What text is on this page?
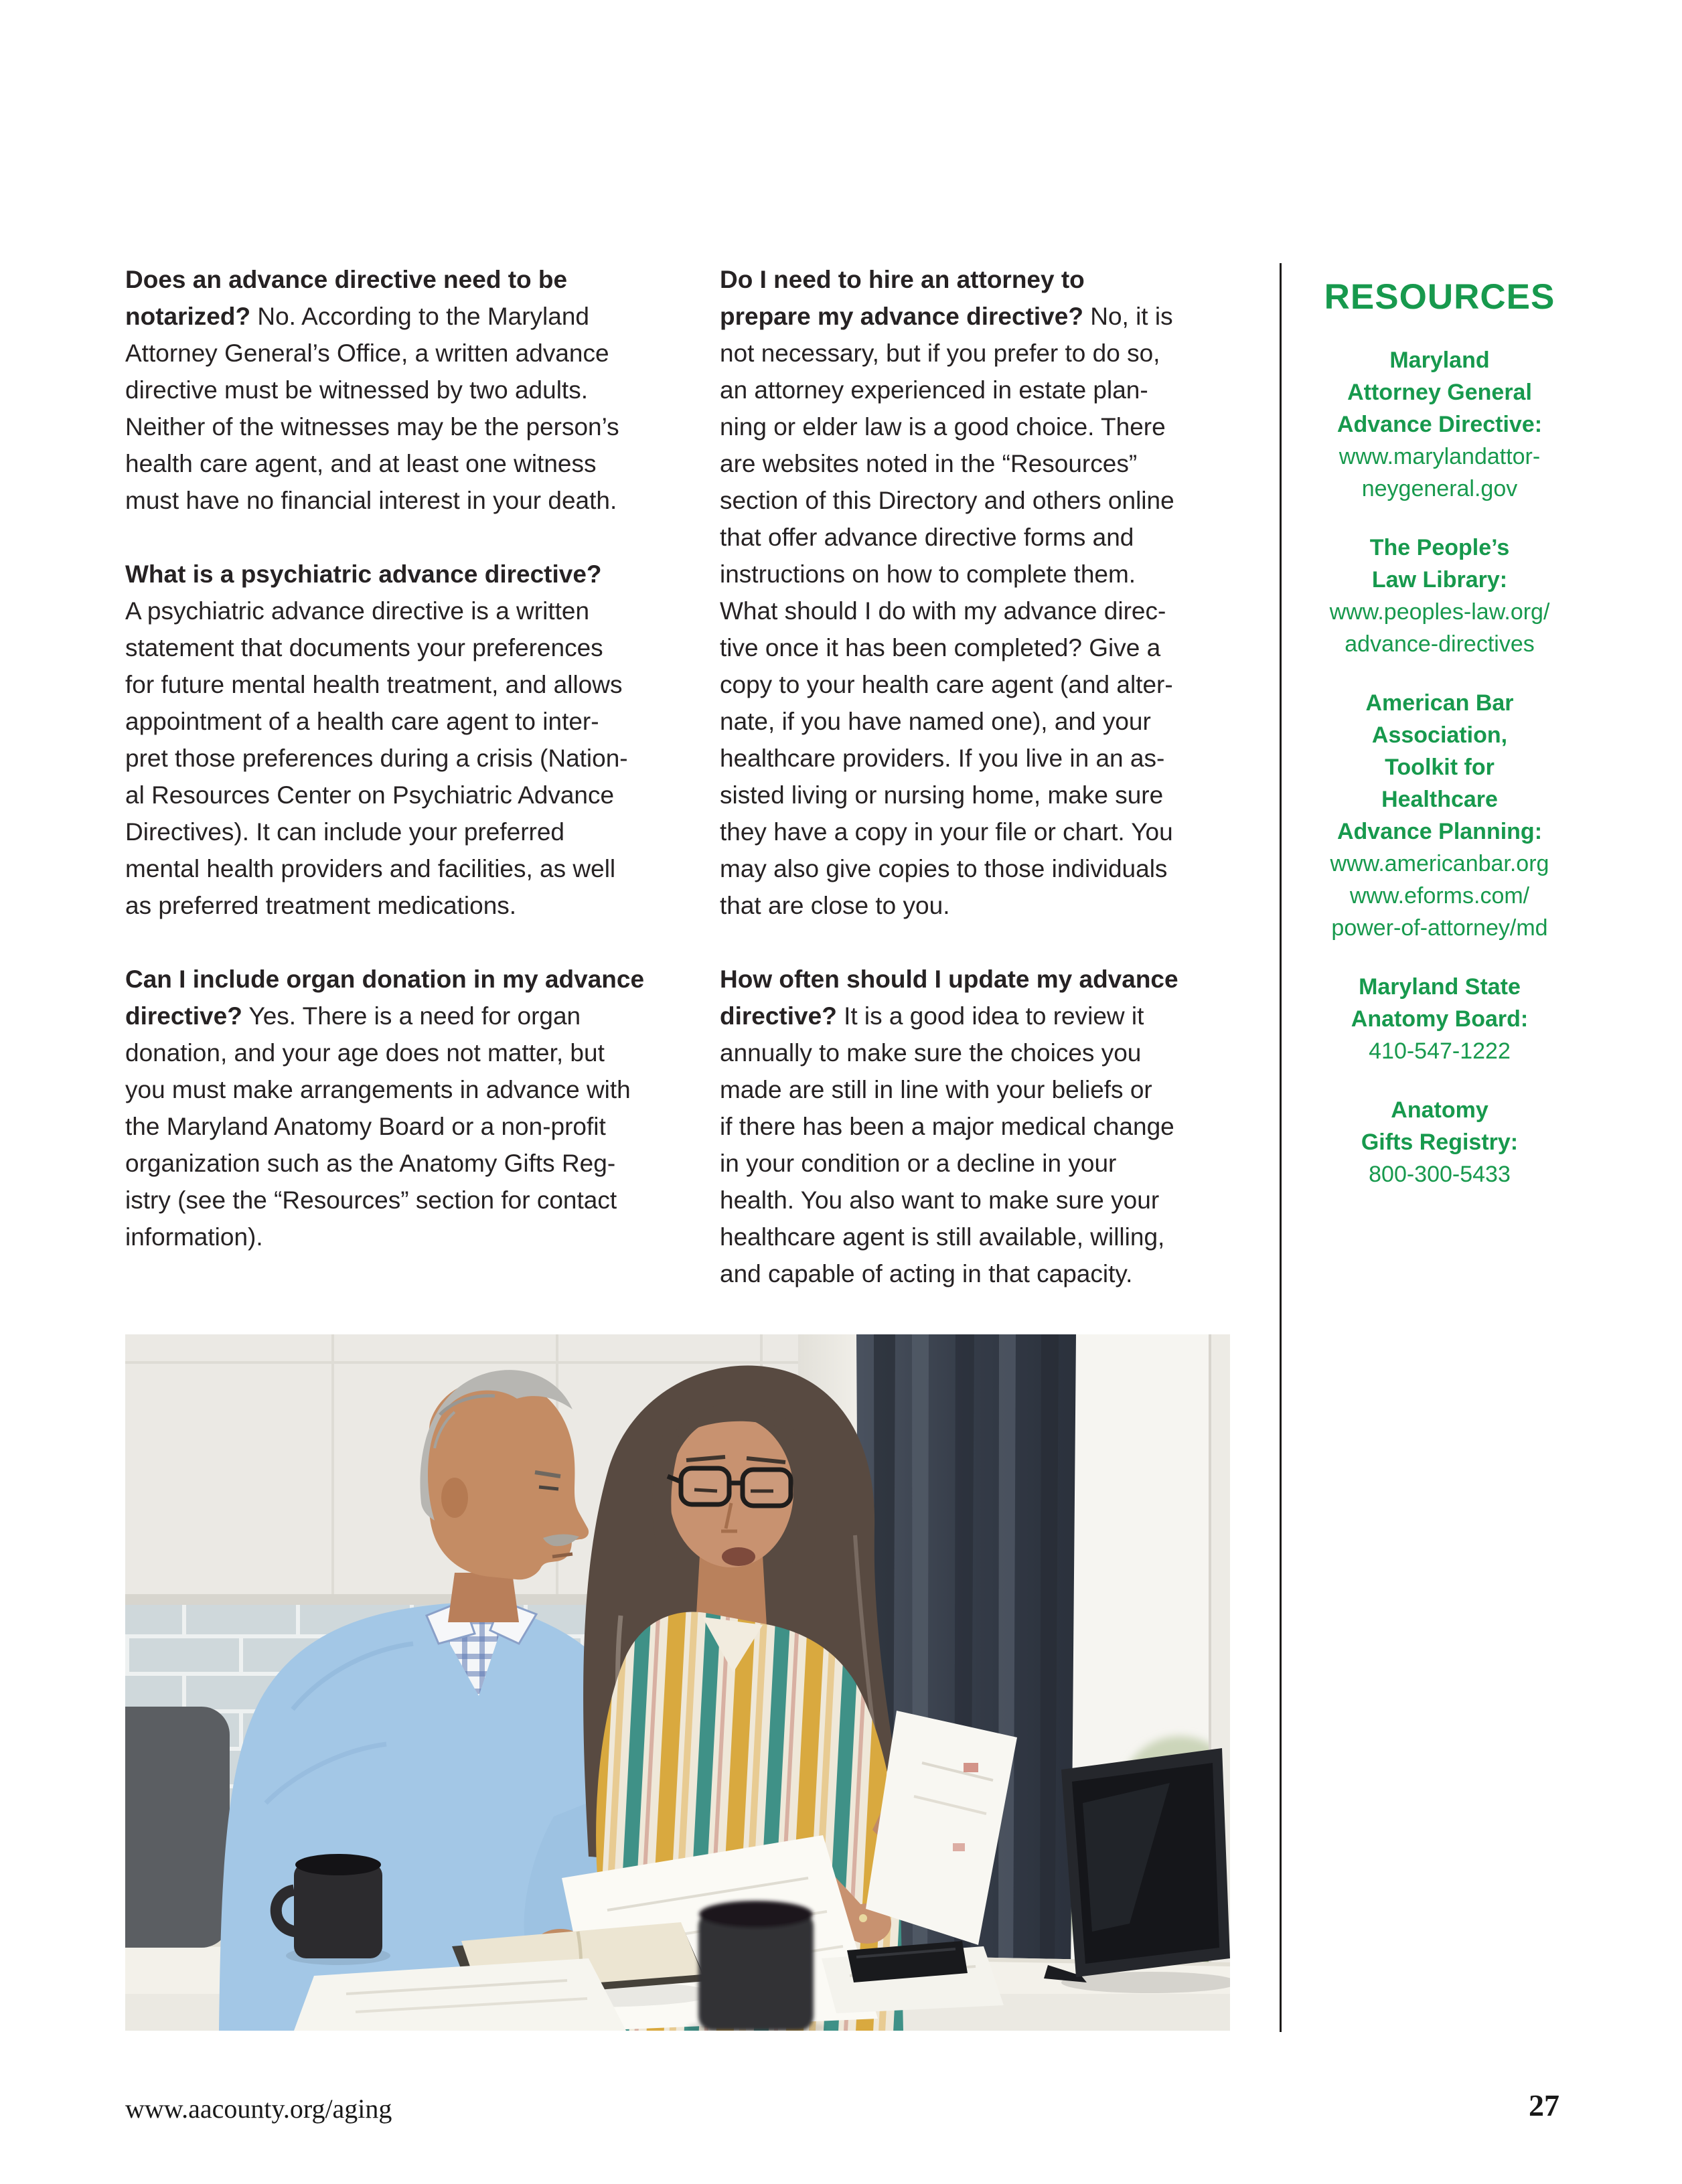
Does an advance directive need to be
notarized? No. According to the Maryland
Attorney General’s Office, a written advance
directive must be witnessed by two adults.
Neither of the witnesses may be the person’s
health care agent, and at least one witness
must have no financial interest in your death.
What is a psychiatric advance directive?
A psychiatric advance directive is a written
statement that documents your preferences
for future mental health treatment, and allows
appointment of a health care agent to inter-
pret those preferences during a crisis (Nation-
al Resources Center on Psychiatric Advance
Directives). It can include your preferred
mental health providers and facilities, as well
as preferred treatment medications.
Can I include organ donation in my advance
directive? Yes. There is a need for organ
donation, and your age does not matter, but
you must make arrangements in advance with
the Maryland Anatomy Board or a non-profit
organization such as the Anatomy Gifts Reg-
istry (see the “Resources” section for contact
information).
Do I need to hire an attorney to
prepare my advance directive? No, it is
not necessary, but if you prefer to do so,
an attorney experienced in estate plan-
ning or elder law is a good choice. There
are websites noted in the “Resources”
section of this Directory and others online
that offer advance directive forms and
instructions on how to complete them.
What should I do with my advance direc-
tive once it has been completed? Give a
copy to your health care agent (and alter-
nate, if you have named one), and your
healthcare providers. If you live in an as-
sisted living or nursing home, make sure
they have a copy in your file or chart. You
may also give copies to those individuals
that are close to you.
How often should I update my advance
directive? It is a good idea to review it
annually to make sure the choices you
made are still in line with your beliefs or
if there has been a major medical change
in your condition or a decline in your
health. You also want to make sure your
healthcare agent is still available, willing,
and capable of acting in that capacity.
RESOURCES
Maryland
Attorney General
Advance Directive:
www.marylandattor-
neygeneral.gov
The People’s
Law Library:
www.peoples-law.org/
advance-directives
American Bar
Association,
Toolkit for
Healthcare
Advance Planning:
www.americanbar.org
www.eforms.com/
power-of-attorney/md
Maryland State
Anatomy Board:
410-547-1222
Anatomy
Gifts Registry:
800-300-5433
www.aacounty.org/aging	27
